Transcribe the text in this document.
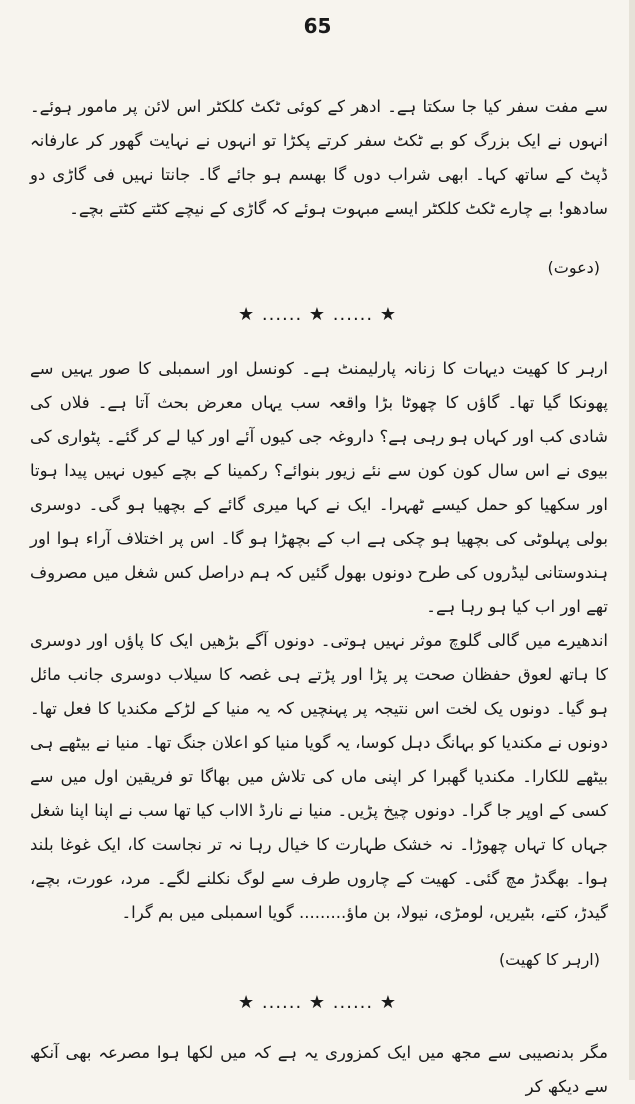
65

سے مفت سفر کیا جا سکتا ہے۔ ادھر کے کوئی ٹکٹ کلکٹر اس لائن پر مامور ہوئے۔ انہوں نے ایک بزرگ کو بے ٹکٹ سفر کرتے پکڑا تو انہوں نے نہایت گھور کر عارفانہ ڈپٹ کے ساتھ کہا۔ ابھی شراب دوں گا بھسم ہو جائے گا۔ جانتا نہیں فی گاڑی دو سادھو! بے چارے ٹکٹ کلکٹر ایسے مبہوت ہوئے کہ گاڑی کے نیچے کٹتے کٹتے بچے۔

(دعوت)
★ ...... ★ ...... ★

ارہر کا کھیت دیہات کا زنانہ پارلیمنٹ ہے۔ کونسل اور اسمبلی کا صور یہیں سے پھونکا گیا تھا۔ گاؤں کا چھوٹا بڑا واقعہ سب یہاں معرض بحث آتا ہے۔ فلاں کی شادی کب اور کہاں ہو رہی ہے؟ داروغہ جی کیوں آئے اور کیا لے کر گئے۔ پٹواری کی بیوی نے اس سال کون کون سے نئے زیور بنوائے؟ رکمینا کے بچے کیوں نہیں پیدا ہوتا اور سکھیا کو حمل کیسے ٹھہرا۔ ایک نے کہا میری گائے کے بچھیا ہو گی۔ دوسری بولی پہلوٹی کی بچھیا ہو چکی ہے اب کے بچھڑا ہو گا۔ اس پر اختلاف آراء ہوا اور ہندوستانی لیڈروں کی طرح دونوں بھول گئیں کہ ہم دراصل کس شغل میں مصروف تھے اور اب کیا ہو رہا ہے۔

اندھیرے میں گالی گلوچ موثر نہیں ہوتی۔ دونوں آگے بڑھیں ایک کا پاؤں اور دوسری کا ہاتھ لعوق حفظان صحت پر پڑا اور پڑتے ہی غصہ کا سیلاب دوسری جانب مائل ہو گیا۔ دونوں یک لخت اس نتیجہ پر پہنچیں کہ یہ منیا کے لڑکے مکندیا کا فعل تھا۔ دونوں نے مکندیا کو بہانگ دہل کوسا، یہ گویا منیا کو اعلان جنگ تھا۔ منیا نے بیٹھے ہی بیٹھے للکارا۔ مکندیا گھبرا کر اپنی ماں کی تلاش میں بھاگا تو فریقین اول میں سے کسی کے اوپر جا گرا۔ دونوں چیخ پڑیں۔ منیا نے نارڈ الااب کیا تھا سب نے اپنا اپنا شغل جہاں کا تہاں چھوڑا۔ نہ خشک طہارت کا خیال رہا نہ تر نجاست کا، ایک غوغا بلند ہوا۔ بھگدڑ مچ گئی۔ کھیت کے چاروں طرف سے لوگ نکلنے لگے۔ مرد، عورت، بچے، گیدڑ، کتے، بٹیریں، لومڑی، نیولا، بن ماؤ......... گویا اسمبلی میں بم گرا۔

(ارہر کا کھیت)
★ ...... ★ ...... ★

مگر بدنصیبی سے مجھ میں ایک کمزوری یہ ہے کہ میں لکھا ہوا مصرعہ بھی آنکھ سے دیکھ کر
